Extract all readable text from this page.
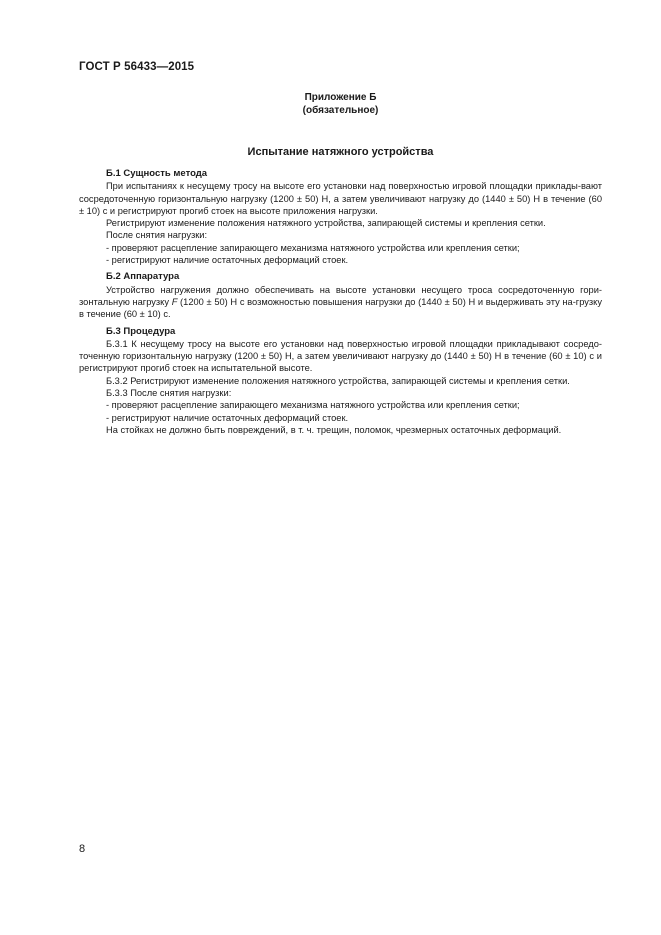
ГОСТ Р 56433—2015
Приложение Б
(обязательное)
Испытание натяжного устройства
Б.1 Сущность метода

При испытаниях к несущему тросу на высоте его установки над поверхностью игровой площадки приклады-вают сосредоточенную горизонтальную нагрузку (1200 ± 50) Н, а затем увеличивают нагрузку до (1440 ± 50) Н в течение (60 ± 10) с и регистрируют прогиб стоек на высоте приложения нагрузки.

Регистрируют изменение положения натяжного устройства, запирающей системы и крепления сетки.

После снятия нагрузки:

- проверяют расцепление запирающего механизма натяжного устройства или крепления сетки;

- регистрируют наличие остаточных деформаций стоек.

Б.2 Аппаратура

Устройство нагружения должно обеспечивать на высоте установки несущего троса сосредоточенную гори-зонтальную нагрузку F (1200 ± 50) Н с возможностью повышения нагрузки до (1440 ± 50) Н и выдерживать эту на-грузку в течение (60 ± 10) с.

Б.3 Процедура

Б.3.1 К несущему тросу на высоте его установки над поверхностью игровой площадки прикладывают сосредо-точенную горизонтальную нагрузку (1200 ± 50) Н, а затем увеличивают нагрузку до (1440 ± 50) Н в течение (60 ± 10) с и регистрируют прогиб стоек на испытательной высоте.

Б.3.2 Регистрируют изменение положения натяжного устройства, запирающей системы и крепления сетки.

Б.3.3 После снятия нагрузки:

- проверяют расцепление запирающего механизма натяжного устройства или крепления сетки;

- регистрируют наличие остаточных деформаций стоек.

На стойках не должно быть повреждений, в т. ч. трещин, поломок, чрезмерных остаточных деформаций.

8
